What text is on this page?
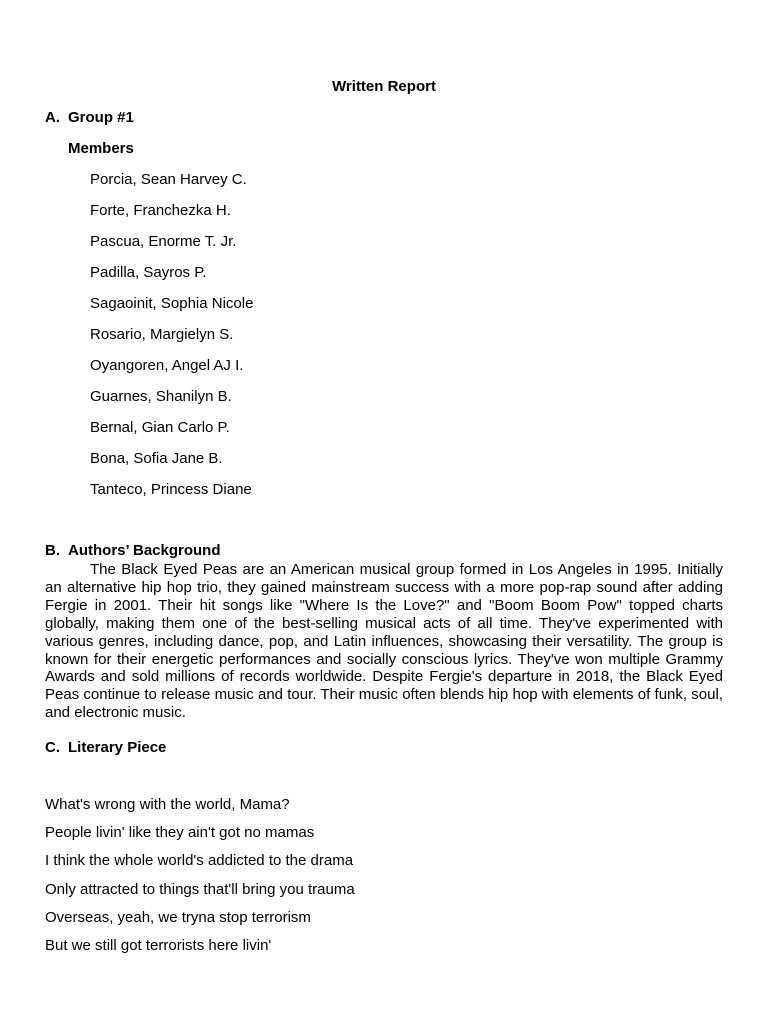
Written Report
A. Group #1
Members
Porcia, Sean Harvey C.
Forte, Franchezka H.
Pascua, Enorme T. Jr.
Padilla, Sayros P.
Sagaoinit, Sophia Nicole
Rosario, Margielyn S.
Oyangoren, Angel AJ I.
Guarnes, Shanilyn B.
Bernal, Gian Carlo P.
Bona, Sofia Jane B.
Tanteco, Princess Diane
B. Authors’ Background

The Black Eyed Peas are an American musical group formed in Los Angeles in 1995. Initially an alternative hip hop trio, they gained mainstream success with a more pop-rap sound after adding Fergie in 2001. Their hit songs like "Where Is the Love?" and "Boom Boom Pow" topped charts globally, making them one of the best-selling musical acts of all time. They've experimented with various genres, including dance, pop, and Latin influences, showcasing their versatility. The group is known for their energetic performances and socially conscious lyrics. They've won multiple Grammy Awards and sold millions of records worldwide. Despite Fergie's departure in 2018, the Black Eyed Peas continue to release music and tour. Their music often blends hip hop with elements of funk, soul, and electronic music.

C. Literary Piece
What's wrong with the world, Mama?
People livin' like they ain't got no mamas
I think the whole world's addicted to the drama
Only attracted to things that'll bring you trauma
Overseas, yeah, we tryna stop terrorism
But we still got terrorists here livin'
